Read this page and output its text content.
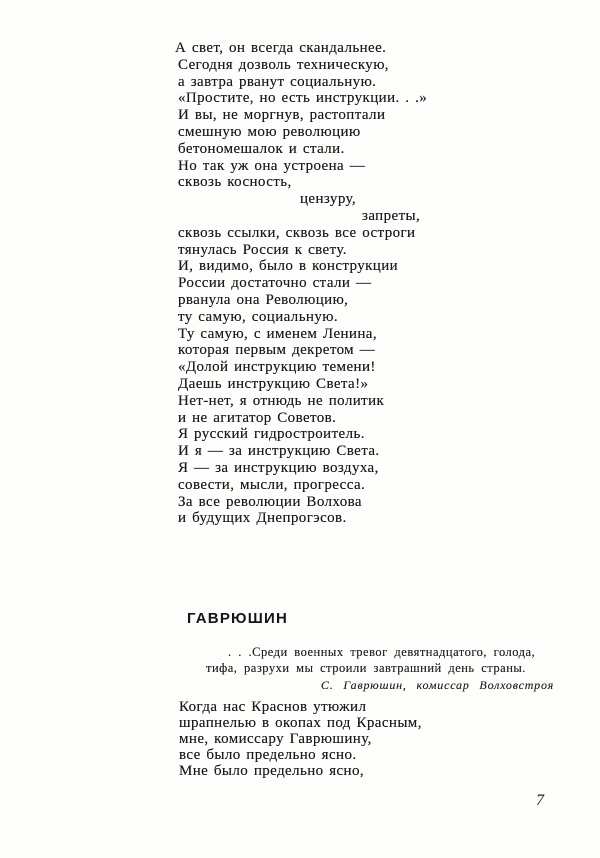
А свет, он всегда скандальнее.
Сегодня дозволь техническую,
а завтра рванут социальную.
«Простите, но есть инструкции. . .»
И вы, не моргнув, растоптали
смешную мою революцию
бетономешалок и стали.
Но так уж она устроена —
сквозь косность,
цензуру,
запреты,
сквозь ссылки, сквозь все остроги
тянулась Россия к свету.
И, видимо, было в конструкции
России достаточно стали —
рванула она Революцию,
ту самую, социальную.
Ту самую, с именем Ленина,
которая первым декретом —
«Долой инструкцию темени!
Даешь инструкцию Света!»
Нет-нет, я отнюдь не политик
и не агитатор Советов.
Я русский гидростроитель.
И я — за инструкцию Света.
Я — за инструкцию воздуха,
совести, мысли, прогресса.
За все революции Волхова
и будущих Днепрогэсов.
ГАВРЮШИН
. . .Среди военных тревог девятнадцатого, голода,
тифа, разрухи мы строили завтрашний день страны.
С. Гаврюшин, комиссар Волховстроя
Когда нас Краснов утюжил
шрапнелью в окопах под Красным,
мне, комиссару Гаврюшину,
все было предельно ясно.
Мне было предельно ясно,
7
